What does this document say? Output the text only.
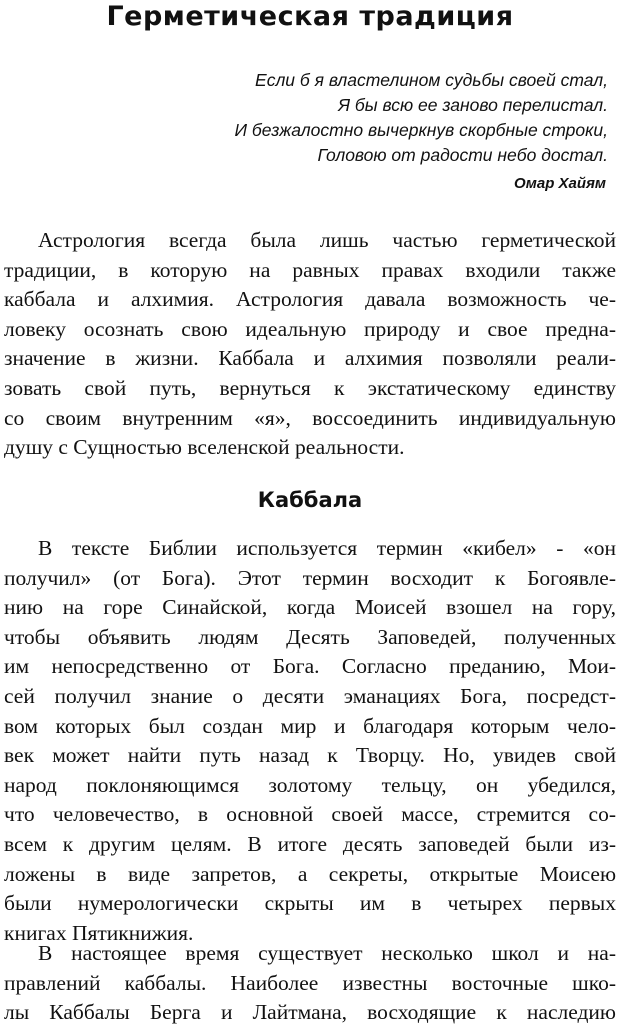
Герметическая традиция
Если б я властелином судьбы своей стал,
Я бы всю ее заново перелистал.
И безжалостно вычеркнув скорбные строки,
Головою от радости небо достал.
Омар Хайям
Астрология всегда была лишь частью герметической
традиции, в которую на равных правах входили также
каббала и алхимия. Астрология давала возможность че-
ловеку осознать свою идеальную природу и свое предна-
значение в жизни. Каббала и алхимия позволяли реали-
зовать свой путь, вернуться к экстатическому единству
со своим внутренним «я», воссоединить индивидуальную
душу с Сущностью вселенской реальности.
Каббала
В тексте Библии используется термин «кибел» - «он
получил» (от Бога). Этот термин восходит к Богоявле-
нию на горе Синайской, когда Моисей взошел на гору,
чтобы объявить людям Десять Заповедей, полученных
им непосредственно от Бога. Согласно преданию, Мои-
сей получил знание о десяти эманациях Бога, посредст-
вом которых был создан мир и благодаря которым чело-
век может найти путь назад к Творцу. Но, увидев свой
народ поклоняющимся золотому тельцу, он убедился,
что человечество, в основной своей массе, стремится со-
всем к другим целям. В итоге десять заповедей были из-
ложены в виде запретов, а секреты, открытые Моисею
были нумерологически скрыты им в четырех первых
книгах Пятикнижия.
В настоящее время существует несколько школ и на-
правлений каббалы. Наиболее известны восточные шко-
лы Каббалы Берга и Лайтмана, восходящие к наследию
